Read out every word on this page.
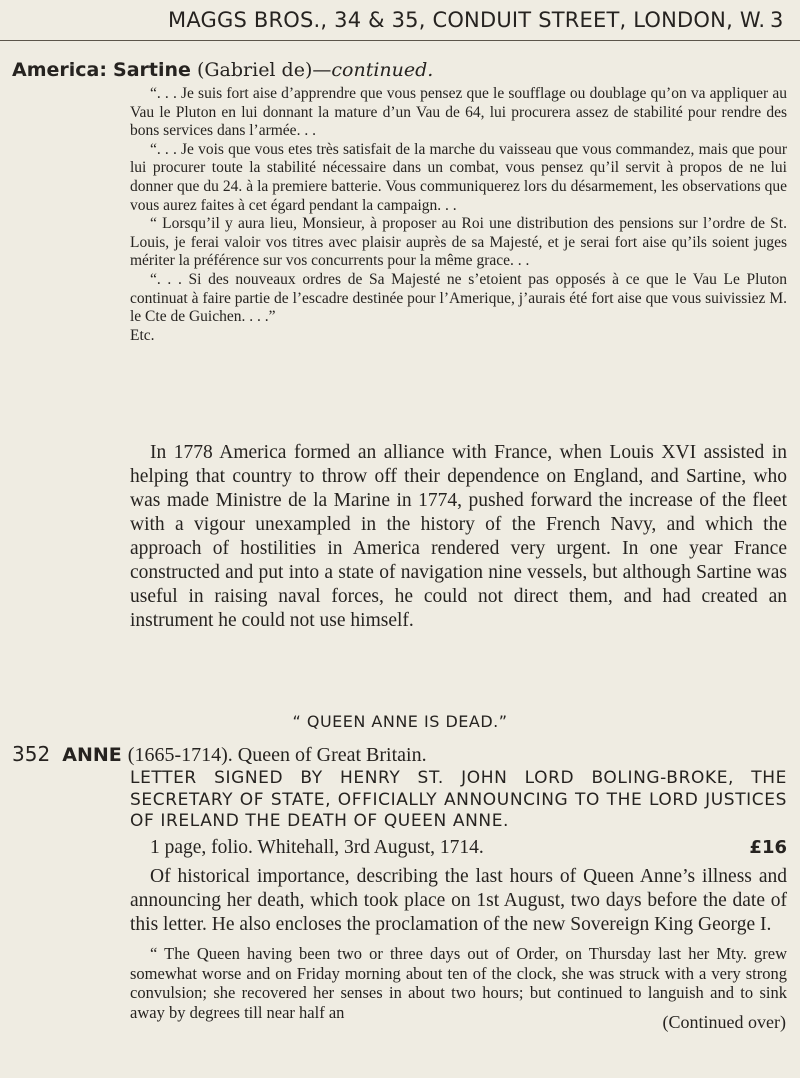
MAGGS BROS., 34 & 35, CONDUIT STREET, LONDON, W. 3
America: Sartine (Gabriel de)—continued.

“. . . Je suis fort aise d’apprendre que vous pensez que le soufflage ou doublage qu’on va appliquer au Vau le Pluton en lui donnant la mature d’un Vau de 64, lui procurera assez de stabilité pour rendre des bons services dans l’armée. . .

“. . . Je vois que vous etes très satisfait de la marche du vaisseau que vous commandez, mais que pour lui procurer toute la stabilité nécessaire dans un combat, vous pensez qu’il servit à propos de ne lui donner que du 24. à la premiere batterie. Vous communiquerez lors du désarmement, les observations que vous aurez faites à cet égard pendant la campaign. . .

“ Lorsqu’il y aura lieu, Monsieur, à proposer au Roi une distribution des pensions sur l’ordre de St. Louis, je ferai valoir vos titres avec plaisir auprès de sa Majesté, et je serai fort aise qu’ils soient juges mériter la préférence sur vos concurrents pour la même grace. . .

“. . . Si des nouveaux ordres de Sa Majesté ne s’etoient pas opposés à ce que le Vau Le Pluton continuat à faire partie de l’escadre destinée pour l’Amerique, j’aurais été fort aise que vous suivissiez M. le Cte de Guichen. . . .”

Etc.

In 1778 America formed an alliance with France, when Louis XVI assisted in helping that country to throw off their dependence on England, and Sartine, who was made Ministre de la Marine in 1774, pushed forward the increase of the fleet with a vigour unexampled in the history of the French Navy, and which the approach of hostilities in America rendered very urgent. In one year France constructed and put into a state of navigation nine vessels, but although Sartine was useful in raising naval forces, he could not direct them, and had created an instrument he could not use himself.

“ QUEEN ANNE IS DEAD.”
352 ANNE (1665-1714). Queen of Great Britain.
LETTER SIGNED BY HENRY ST. JOHN LORD BOLING-BROKE, THE SECRETARY OF STATE, OFFICIALLY ANNOUNCING TO THE LORD JUSTICES OF IRELAND THE DEATH OF QUEEN ANNE.
1 page, folio. Whitehall, 3rd August, 1714.	£16

Of historical importance, describing the last hours of Queen Anne’s illness and announcing her death, which took place on 1st August, two days before the date of this letter. He also encloses the proclamation of the new Sovereign King George I.

“ The Queen having been two or three days out of Order, on Thursday last her Mty. grew somewhat worse and on Friday morning about ten of the clock, she was struck with a very strong convulsion; she recovered her senses in about two hours; but continued to languish and to sink away by degrees till near half an	(Continued over)
